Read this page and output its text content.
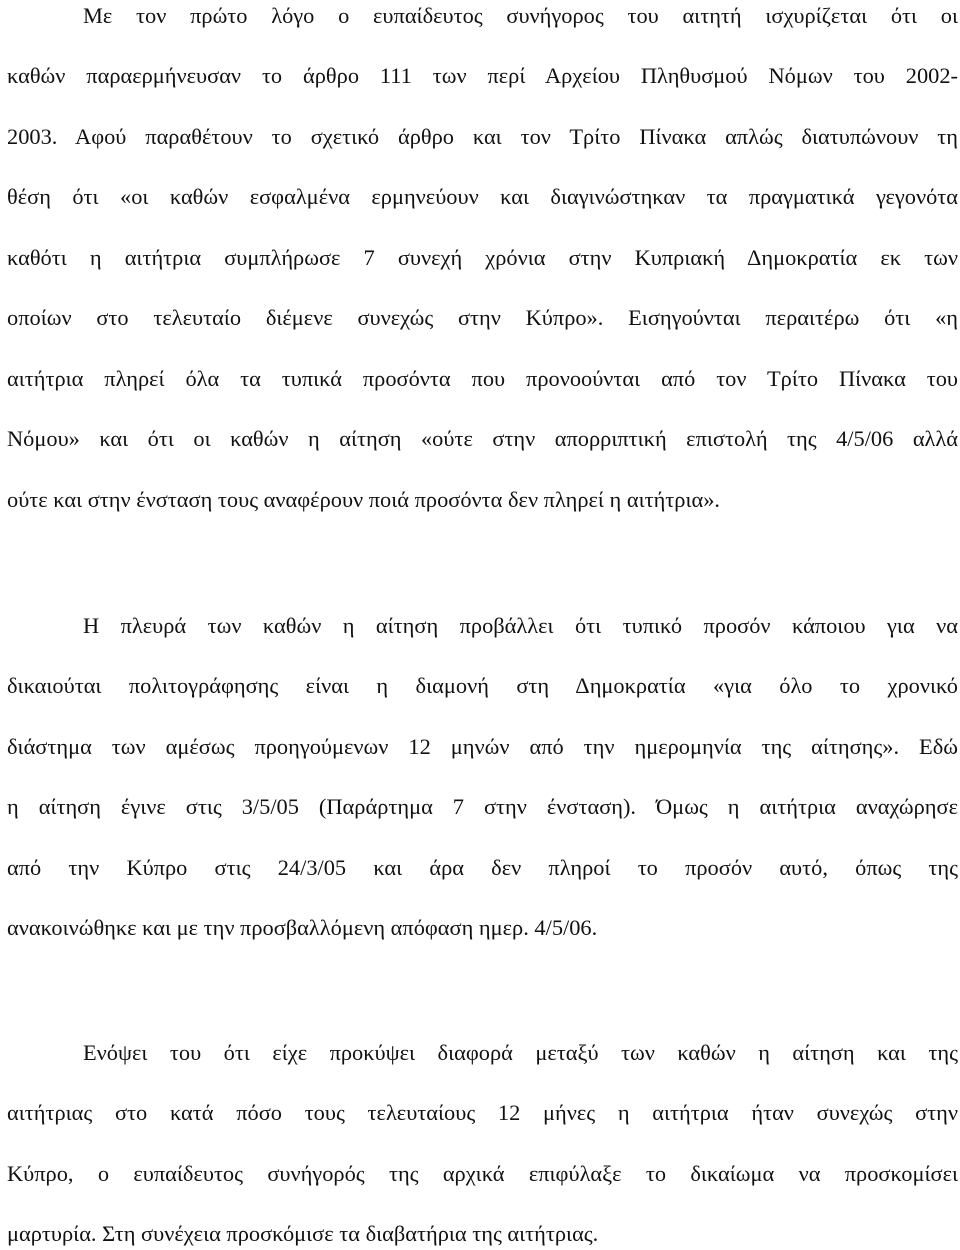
Με τον πρώτο λόγο ο ευπαίδευτος συνήγορος του αιτητή ισχυρίζεται ότι οι
καθών παραερμήνευσαν το άρθρο 111 των περί Αρχείου Πληθυσμού Νόμων του 2002-
2003. Αφού παραθέτουν το σχετικό άρθρο και τον Τρίτο Πίνακα απλώς διατυπώνουν τη
θέση ότι «οι καθών εσφαλμένα ερμηνεύουν και διαγινώστηκαν τα πραγματικά γεγονότα
καθότι η αιτήτρια συμπλήρωσε 7 συνεχή χρόνια στην Κυπριακή Δημοκρατία εκ των
οποίων στο τελευταίο διέμενε συνεχώς στην Κύπρο». Εισηγούνται περαιτέρω ότι «η
αιτήτρια πληρεί όλα τα τυπικά προσόντα που προνοούνται από τον Τρίτο Πίνακα του
Νόμου» και ότι οι καθών η αίτηση «ούτε στην απορριπτική επιστολή της 4/5/06 αλλά
ούτε και στην ένσταση τους αναφέρουν ποιά προσόντα δεν πληρεί η αιτήτρια».
Η πλευρά των καθών η αίτηση προβάλλει ότι τυπικό προσόν κάποιου για να
δικαιούται πολιτογράφησης είναι η διαμονή στη Δημοκρατία «για όλο το χρονικό
διάστημα των αμέσως προηγούμενων 12 μηνών από την ημερομηνία της αίτησης». Εδώ
η αίτηση έγινε στις 3/5/05 (Παράρτημα 7 στην ένσταση). Όμως η αιτήτρια αναχώρησε
από την Κύπρο στις 24/3/05 και άρα δεν πληροί το προσόν αυτό, όπως της
ανακοινώθηκε και με την προσβαλλόμενη απόφαση ημερ. 4/5/06.
Ενόψει του ότι είχε προκύψει διαφορά μεταξύ των καθών η αίτηση και της
αιτήτριας στο κατά πόσο τους τελευταίους 12 μήνες η αιτήτρια ήταν συνεχώς στην
Κύπρο, ο ευπαίδευτος συνήγορός της αρχικά επιφύλαξε το δικαίωμα να προσκομίσει
μαρτυρία. Στη συνέχεια προσκόμισε τα διαβατήρια της αιτήτριας.
